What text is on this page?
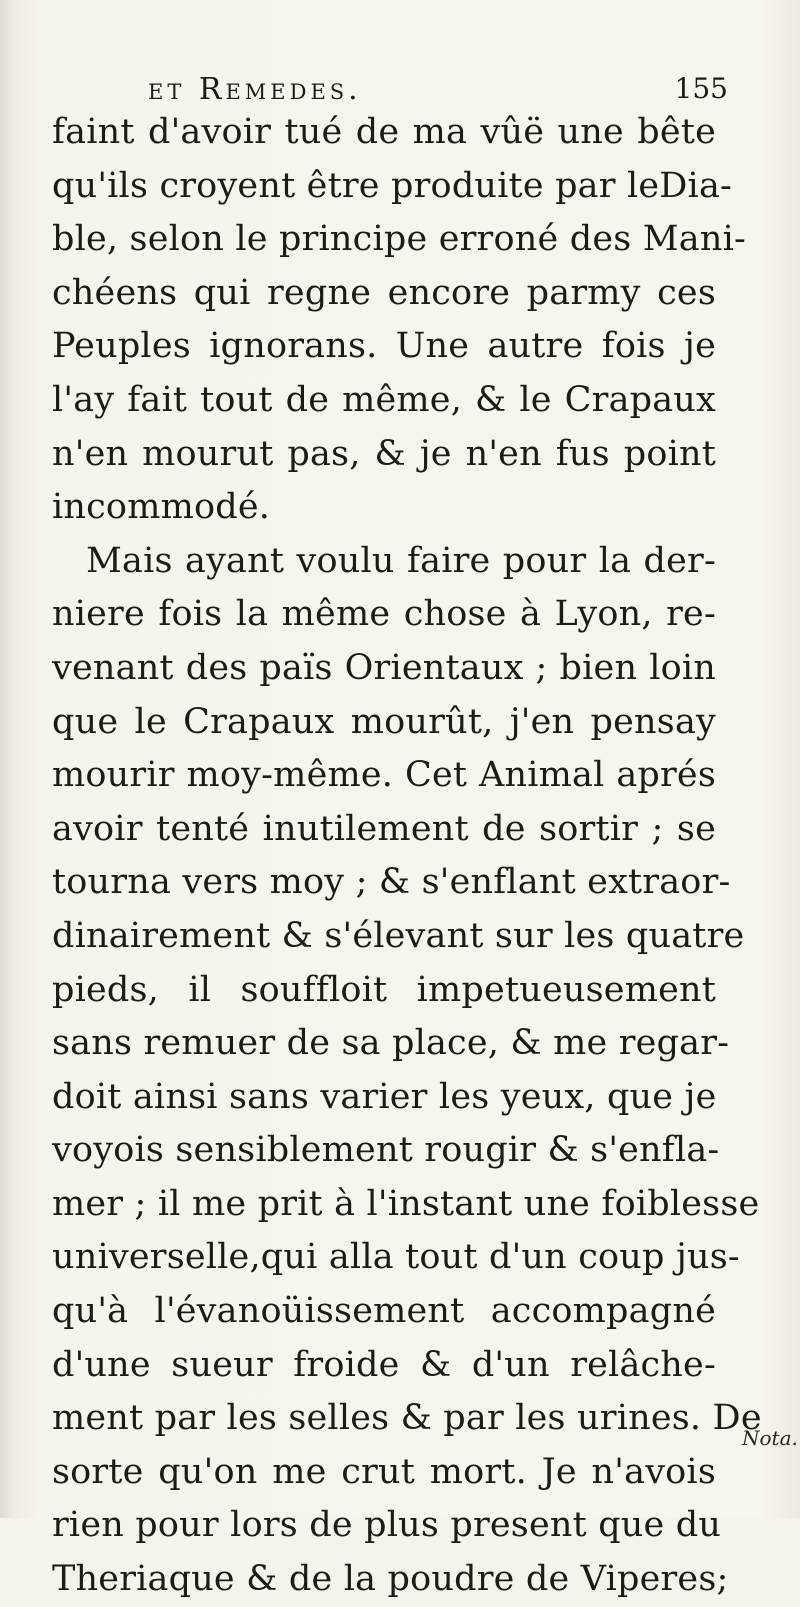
et Remedes.	155
faint d'avoir tué de ma vûë une bête
qu'ils croyent être produite par leDia-
ble, selon le principe erroné des Mani-
chéens qui regne encore parmy ces
Peuples ignorans. Une autre fois je
l'ay fait tout de même, & le Crapaux
n'en mourut pas, & je n'en fus point
incommodé.
Mais ayant voulu faire pour la der-
niere fois la même chose à Lyon, re-
venant des païs Orientaux ; bien loin
que le Crapaux mourût, j'en pensay
mourir moy-même. Cet Animal aprés
avoir tenté inutilement de sortir ; se
tourna vers moy ; & s'enflant extraor-
dinairement & s'élevant sur les quatre
pieds, il souffloit impetueusement
sans remuer de sa place, & me regar-
doit ainsi sans varier les yeux, que je
voyois sensiblement rougir & s'enfla-
mer ; il me prit à l'instant une foiblesse
universelle,qui alla tout d'un coup jus-
qu'à l'évanoüissement accompagné
d'une sueur froide & d'un relâche-
ment par les selles & par les urines. De
sorte qu'on me crut mort. Je n'avois
rien pour lors de plus present que du
Theriaque & de la poudre de Viperes;
Nota.
